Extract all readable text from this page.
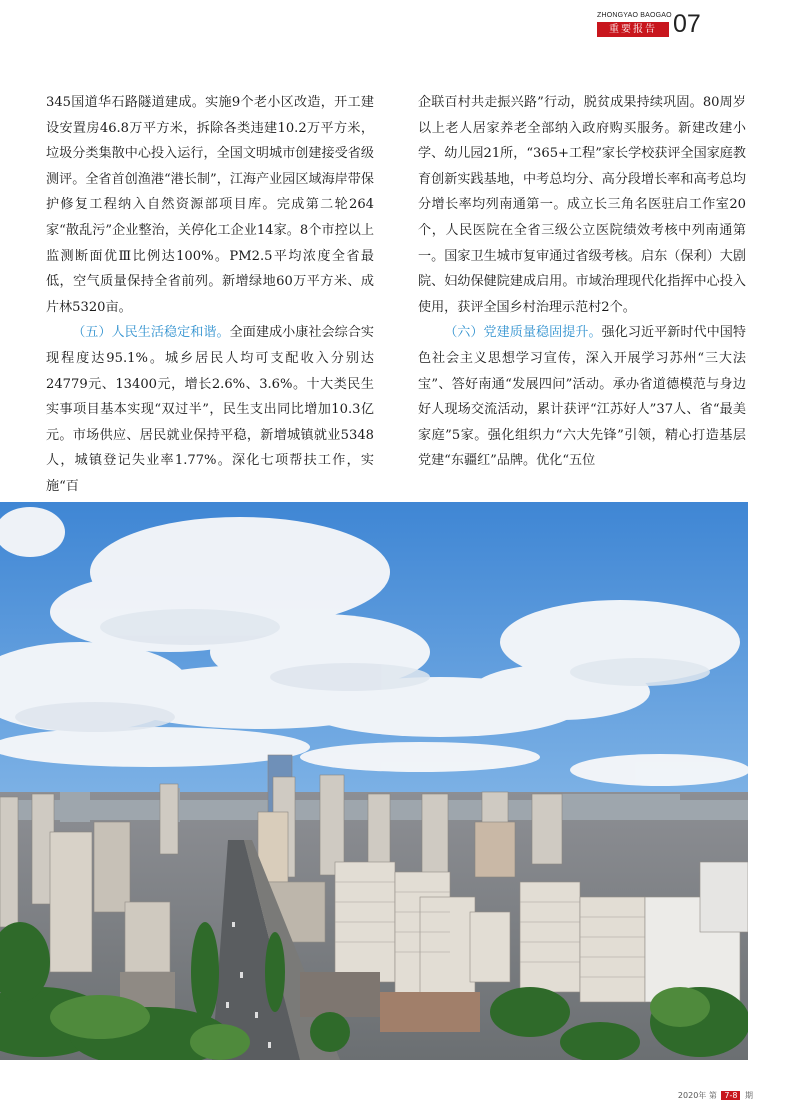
ZHONGYAO BAOGAO
重要报告 07

345国道华石路隧道建成。实施9个老小区改造，开工建设安置房46.8万平方米，拆除各类违建10.2万平方米，垃圾分类集散中心投入运行，全国文明城市创建接受省级测评。全省首创渔港“港长制”，江海产业园区域海岸带保护修复工程纳入自然资源部项目库。完成第二轮264家“散乱污”企业整治，关停化工企业14家。8个市控以上监测断面优Ⅲ比例达100%。PM2.5平均浓度全省最低，空气质量保持全省前列。新增绿地60万平方米、成片林5320亩。

（五）人民生活稳定和谐。全面建成小康社会综合实现程度达95.1%。城乡居民人均可支配收入分别达24779元、13400元，增长2.6%、3.6%。十大类民生实事项目基本实现“双过半”，民生支出同比增加10.3亿元。市场供应、居民就业保持平稳，新增城镇就业5348人，城镇登记失业率1.77%。深化七项帮扶工作，实施“百

企联百村共走振兴路”行动，脱贫成果持续巩固。80周岁以上老人居家养老全部纳入政府购买服务。新建改建小学、幼儿园21所，“365+工程”家长学校获评全国家庭教育创新实践基地，中考总均分、高分段增长率和高考总均分增长率均列南通第一。成立长三角名医驻启工作室20个，人民医院在全省三级公立医院绩效考核中列南通第一。国家卫生城市复审通过省级考核。启东（保利）大剧院、妇幼保健院建成启用。市域治理现代化指挥中心投入使用，获评全国乡村治理示范村2个。

（六）党建质量稳固提升。强化习近平新时代中国特色社会主义思想学习宣传，深入开展学习苏州“三大法宝”、答好南通“发展四问”活动。承办省道德模范与身边好人现场交流活动，累计获评“江苏好人”37人、省“最美家庭”5家。强化组织力“六大先锋”引领，精心打造基层党建“东疆红”品牌。优化“五位

2020年 第 7-8 期
